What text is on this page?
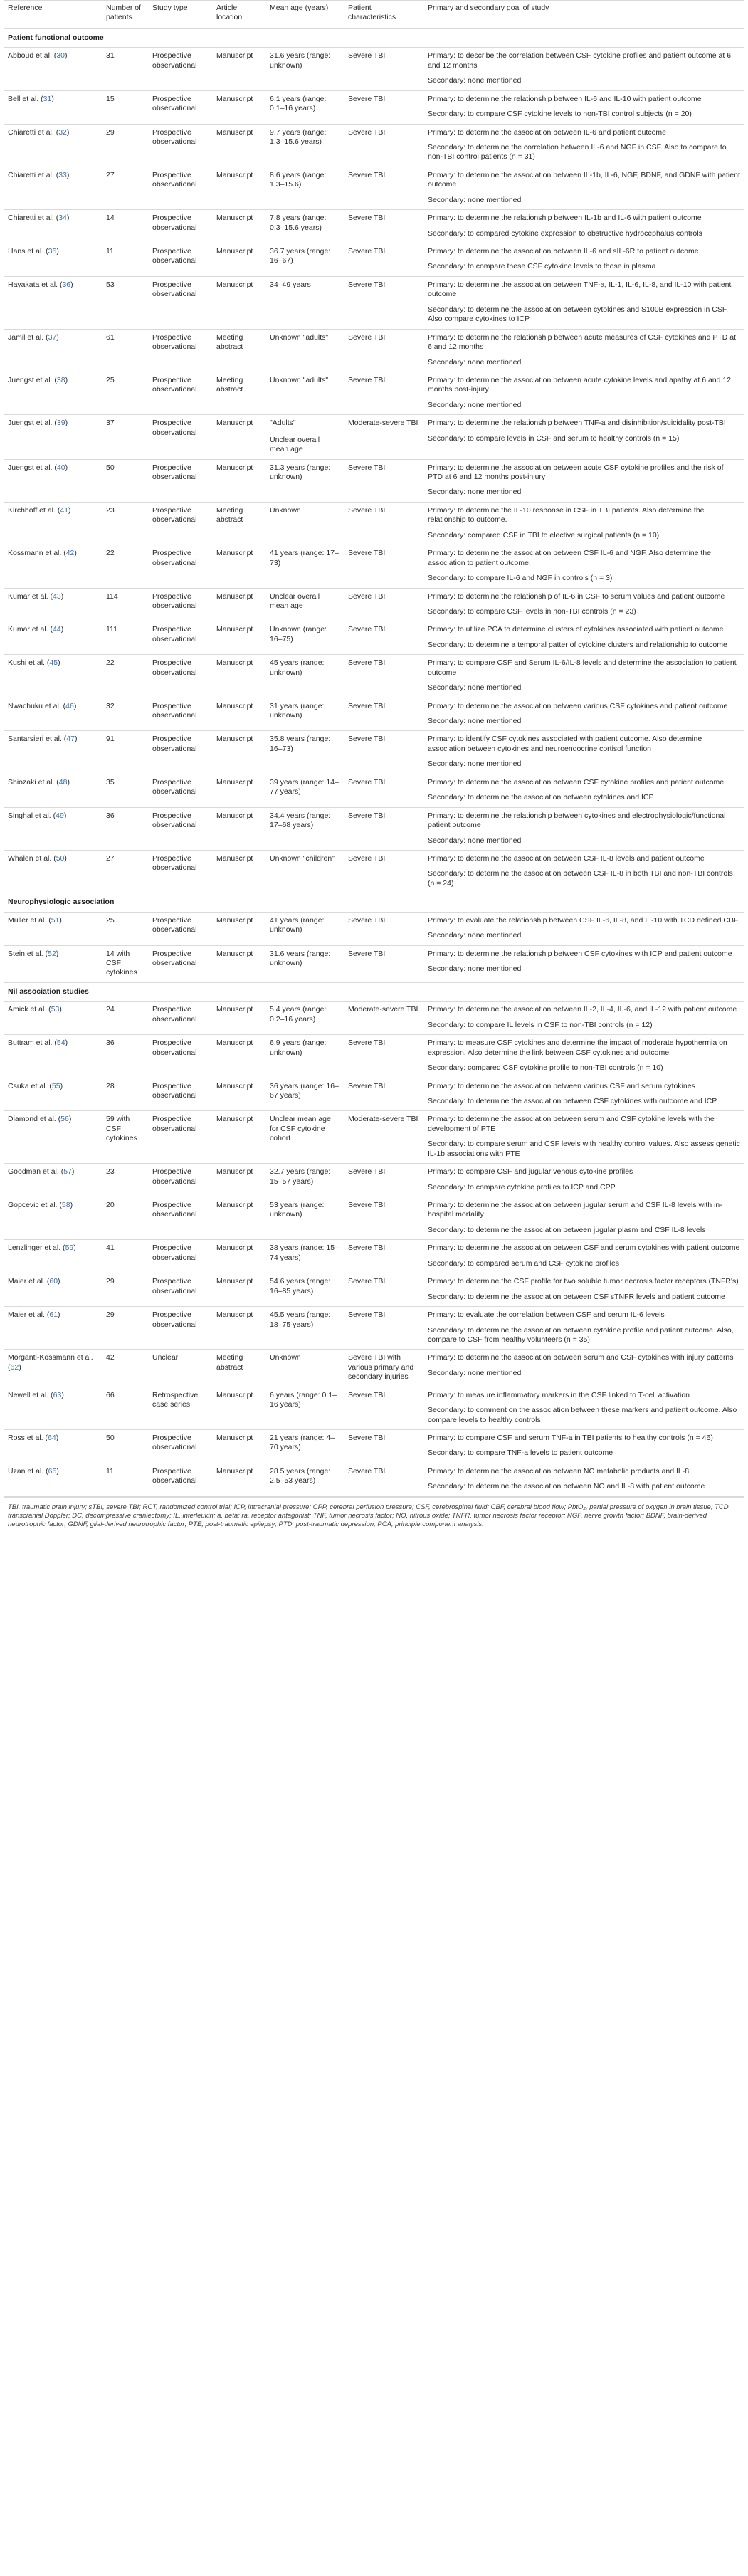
Reference	Number of patients	Study type	Article location	Mean age (years)	Patient characteristics	Primary and secondary goal of study
Patient functional outcome						
Abboud et al. (30)	31	Prospective observational	Manuscript	31.6 years (range: unknown)	Severe TBI	Primary: to describe the correlation between CSF cytokine profiles and patient outcome at 6 and 12 months
Secondary: none mentioned

Bell et al. (31)	15	Prospective observational	Manuscript	6.1 years (range: 0.1–16 years)	Severe TBI	Primary: to determine the relationship between IL-6 and IL-10 with patient outcome
Secondary: to compare CSF cytokine levels to non-TBI control subjects (n = 20)

Chiaretti et al. (32)	29	Prospective observational	Manuscript	9.7 years (range: 1.3–15.6 years)	Severe TBI	Primary: to determine the association between IL-6 and patient outcome
Secondary: to determine the correlation between IL-6 and NGF in CSF. Also to compare to non-TBI control patients (n = 31)

Chiaretti et al. (33)	27	Prospective observational	Manuscript	8.6 years (range: 1.3–15.6)	Severe TBI	Primary: to determine the association between IL-1b, IL-6, NGF, BDNF, and GDNF with patient outcome
Secondary: none mentioned

Chiaretti et al. (34)	14	Prospective observational	Manuscript	7.8 years (range: 0.3–15.6 years)	Severe TBI	Primary: to determine the relationship between IL-1b and IL-6 with patient outcome
Secondary: to compared cytokine expression to obstructive hydrocephalus controls

Hans et al. (35)	11	Prospective observational	Manuscript	36.7 years (range: 16–67)	Severe TBI	Primary: to determine the association between IL-6 and sIL-6R to patient outcome
Secondary: to compare these CSF cytokine levels to those in plasma

Hayakata et al. (36)	53	Prospective observational	Manuscript	34–49 years	Severe TBI	Primary: to determine the association between TNF-a, IL-1, IL-6, IL-8, and IL-10 with patient outcome
Secondary: to determine the association between cytokines and S100B expression in CSF. Also compare cytokines to ICP

Jamil et al. (37)	61	Prospective observational	Meeting abstract	Unknown "adults"	Severe TBI	Primary: to determine the relationship between acute measures of CSF cytokines and PTD at 6 and 12 months
Secondary: none mentioned

Juengst et al. (38)	25	Prospective observational	Meeting abstract	Unknown "adults"	Severe TBI	Primary: to determine the association between acute cytokine levels and apathy at 6 and 12 months post-injury
Secondary: none mentioned

Juengst et al. (39)	37	Prospective observational	Manuscript	"Adults"
Unclear overall mean age	Moderate-severe TBI	Primary: to determine the relationship between TNF-a and disinhibition/suicidality post-TBI
Secondary: to compare levels in CSF and serum to healthy controls (n = 15)

Juengst et al. (40)	50	Prospective observational	Manuscript	31.3 years (range: unknown)	Severe TBI	Primary: to determine the association between acute CSF cytokine profiles and the risk of PTD at 6 and 12 months post-injury
Secondary: none mentioned

Kirchhoff et al. (41)	23	Prospective observational	Meeting abstract	Unknown	Severe TBI	Primary: to determine the IL-10 response in CSF in TBI patients. Also determine the relationship to outcome.
Secondary: compared CSF in TBI to elective surgical patients (n = 10)

Kossmann et al. (42)	22	Prospective observational	Manuscript	41 years (range: 17–73)	Severe TBI	Primary: to determine the association between CSF IL-6 and NGF. Also determine the association to patient outcome.
Secondary: to compare IL-6 and NGF in controls (n = 3)

Kumar et al. (43)	114	Prospective observational	Manuscript	Unclear overall mean age	Severe TBI	Primary: to determine the relationship of IL-6 in CSF to serum values and patient outcome
Secondary: to compare CSF levels in non-TBI controls (n = 23)

Kumar et al. (44)	111	Prospective observational	Manuscript	Unknown (range: 16–75)	Severe TBI	Primary: to utilize PCA to determine clusters of cytokines associated with patient outcome
Secondary: to determine a temporal patter of cytokine clusters and relationship to outcome

Kushi et al. (45)	22	Prospective observational	Manuscript	45 years (range: unknown)	Severe TBI	Primary: to compare CSF and Serum IL-6/IL-8 levels and determine the association to patient outcome
Secondary: none mentioned

Nwachuku et al. (46)	32	Prospective observational	Manuscript	31 years (range: unknown)	Severe TBI	Primary: to determine the association between various CSF cytokines and patient outcome
Secondary: none mentioned

Santarsieri et al. (47)	91	Prospective observational	Manuscript	35.8 years (range: 16–73)	Severe TBI	Primary: to identify CSF cytokines associated with patient outcome. Also determine association between cytokines and neuroendocrine cortisol function
Secondary: none mentioned

Shiozaki et al. (48)	35	Prospective observational	Manuscript	39 years (range: 14–77 years)	Severe TBI	Primary: to determine the association between CSF cytokine profiles and patient outcome
Secondary: to determine the association between cytokines and ICP

Singhal et al. (49)	36	Prospective observational	Manuscript	34.4 years (range: 17–68 years)	Severe TBI	Primary: to determine the relationship between cytokines and electrophysiologic/functional patient outcome
Secondary: none mentioned

Whalen et al. (50)	27	Prospective observational	Manuscript	Unknown "children"	Severe TBI	Primary: to determine the association between CSF IL-8 levels and patient outcome
Secondary: to determine the association between CSF IL-8 in both TBI and non-TBI controls (n = 24)

Neurophysiologic association						
Muller et al. (51)	25	Prospective observational	Manuscript	41 years (range: unknown)	Severe TBI	Primary: to evaluate the relationship between CSF IL-6, IL-8, and IL-10 with TCD defined CBF.
Secondary: none mentioned

Stein et al. (52)	14 with CSF cytokines	Prospective observational	Manuscript	31.6 years (range: unknown)	Severe TBI	Primary: to determine the relationship between CSF cytokines with ICP and patient outcome
Secondary: none mentioned

Nil association studies						
Amick et al. (53)	24	Prospective observational	Manuscript	5.4 years (range: 0.2–16 years)	Moderate-severe TBI	Primary: to determine the association between IL-2, IL-4, IL-6, and IL-12 with patient outcome
Secondary: to compare IL levels in CSF to non-TBI controls (n = 12)

Buttram et al. (54)	36	Prospective observational	Manuscript	6.9 years (range: unknown)	Severe TBI	Primary: to measure CSF cytokines and determine the impact of moderate hypothermia on expression. Also determine the link between CSF cytokines and outcome
Secondary: compared CSF cytokine profile to non-TBI controls (n = 10)

Csuka et al. (55)	28	Prospective observational	Manuscript	36 years (range: 16–67 years)	Severe TBI	Primary: to determine the association between various CSF and serum cytokines
Secondary: to determine the association between CSF cytokines with outcome and ICP

Diamond et al. (56)	59 with CSF cytokines	Prospective observational	Manuscript	Unclear mean age for CSF cytokine cohort	Moderate-severe TBI	Primary: to determine the association between serum and CSF cytokine levels with the development of PTE
Secondary: to compare serum and CSF levels with healthy control values. Also assess genetic IL-1b associations with PTE

Goodman et al. (57)	23	Prospective observational	Manuscript	32.7 years (range: 15–57 years)	Severe TBI	Primary: to compare CSF and jugular venous cytokine profiles
Secondary: to compare cytokine profiles to ICP and CPP

Gopcevic et al. (58)	20	Prospective observational	Manuscript	53 years (range: unknown)	Severe TBI	Primary: to determine the association between jugular serum and CSF IL-8 levels with in-hospital mortality
Secondary: to determine the association between jugular plasm and CSF IL-8 levels

Lenzlinger et al. (59)	41	Prospective observational	Manuscript	38 years (range: 15–74 years)	Severe TBI	Primary: to determine the association between CSF and serum cytokines with patient outcome
Secondary: to compared serum and CSF cytokine profiles

Maier et al. (60)	29	Prospective observational	Manuscript	54.6 years (range: 16–85 years)	Severe TBI	Primary: to determine the CSF profile for two soluble tumor necrosis factor receptors (TNFR's)
Secondary: to determine the association between CSF sTNFR levels and patient outcome

Maier et al. (61)	29	Prospective observational	Manuscript	45.5 years (range: 18–75 years)	Severe TBI	Primary: to evaluate the correlation between CSF and serum IL-6 levels
Secondary: to determine the association between cytokine profile and patient outcome. Also, compare to CSF from healthy volunteers (n = 35)

Morganti-Kossmann et al. (62)	42	Unclear	Meeting abstract	Unknown	Severe TBI with various primary and secondary injuries	Primary: to determine the association between serum and CSF cytokines with injury patterns
Secondary: none mentioned

Newell et al. (63)	66	Retrospective case series	Manuscript	6 years (range: 0.1–16 years)	Severe TBI	Primary: to measure inflammatory markers in the CSF linked to T-cell activation
Secondary: to comment on the association between these markers and patient outcome. Also compare levels to healthy controls

Ross et al. (64)	50	Prospective observational	Manuscript	21 years (range: 4–70 years)	Severe TBI	Primary: to compare CSF and serum TNF-a in TBI patients to healthy controls (n = 46)
Secondary: to compare TNF-a levels to patient outcome

Uzan et al. (65)	11	Prospective observational	Manuscript	28.5 years (range: 2.5–53 years)	Severe TBI	Primary: to determine the association between NO metabolic products and IL-8
Secondary: to determine the association between NO and IL-8 with patient outcome
TBI, traumatic brain injury; sTBI, severe TBI; RCT, randomized control trial; ICP, intracranial pressure; CPP, cerebral perfusion pressure; CSF, cerebrospinal fluid; CBF, cerebral blood flow; PbtO₂, partial pressure of oxygen in brain tissue; TCD, transcranial Doppler; DC, decompressive craniectomy; IL, interleukin; a, beta; ra, receptor antagonist; TNF, tumor necrosis factor; NO, nitrous oxide; TNFR, tumor necrosis factor receptor; NGF, nerve growth factor; BDNF, brain-derived neurotrophic factor; GDNF, glial-derived neurotrophic factor; PTE, post-traumatic epilepsy; PTD, post-traumatic depression; PCA, principle component analysis.
